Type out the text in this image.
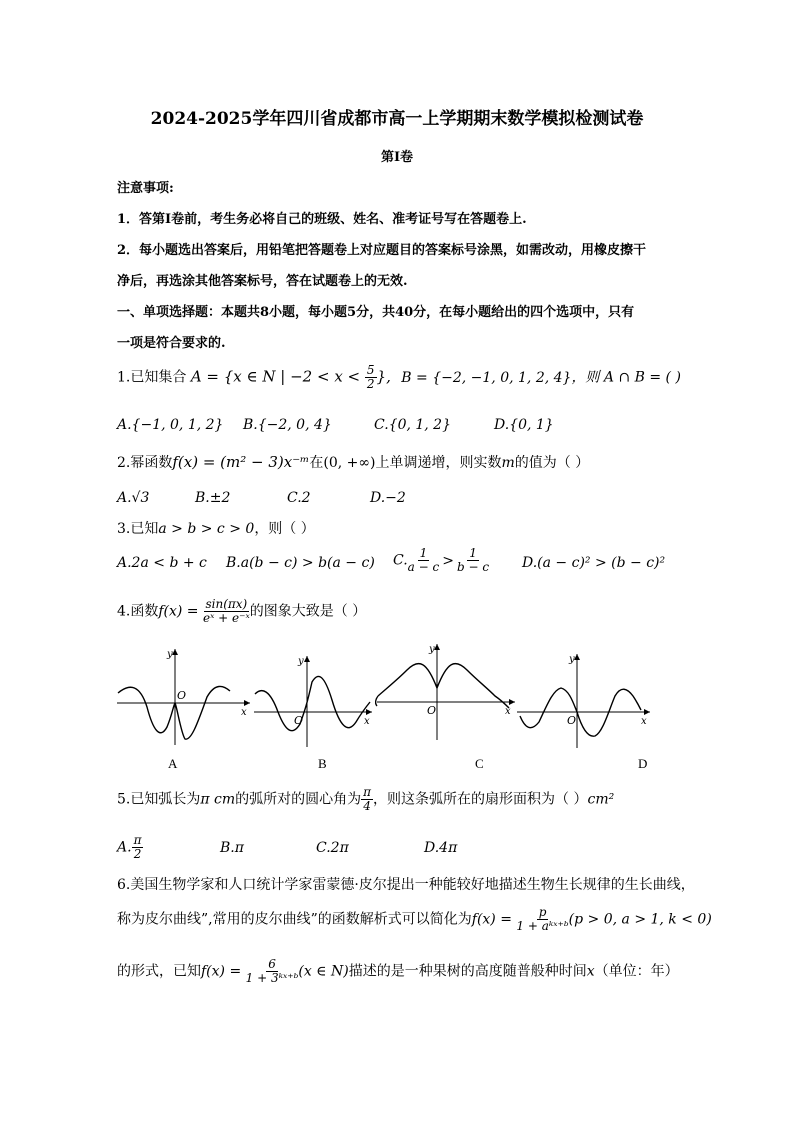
2024-2025学年四川省成都市高一上学期期末数学模拟检测试卷
第I卷
注意事项:
1．答第I卷前，考生务必将自己的班级、姓名、准考证号写在答题卷上.
2．每小题选出答案后，用铅笔把答题卷上对应题目的答案标号涂黑，如需改动，用橡皮擦干
净后，再选涂其他答案标号，答在试题卷上的无效.
一、单项选择题：本题共8小题，每小题5分，共40分，在每小题给出的四个选项中，只有
一项是符合要求的.
1.已知集合 A = {x ∈ N | $-2 < x < \frac{5}{2}$ }, B = {−2, −1, 0, 1, 2, 4}，则 A ∩ B = ( )
A.{−1, 0, 1, 2} B.{−2, 0, 4}	C.{0, 1, 2}	D.{0, 1}
2.幂函数f(x) = (m² − 3)x⁻ᵐ在(0, +∞)上单调递增，则实数m的值为（ ）
A.√3	B.±2	C.2	D.−2
3.已知a > b > c > 0，则（ ）
A.2a < b + c B.a(b − c) > b(a − c) C. $\frac{1}{a - c} > \frac{1}{b - c} D.(a - c)^2 > (b - c)^2$
4.函数$f(x) = \frac{\sin(\pi x)}{\text{eˣ + e⁻ˣ}}$ 的图象大致是（ ）
y
x
O
y
x
O
y
x
O
y
x
O
A	B	C	D
5.已知弧长为π cm的弧所对的圆心角为 $\frac{\pi}{4}$ ，则这条弧所在的扇形面积为（ ）cm²
A. $\frac{\pi}{2}$	B.π	C.2π	D.4π
6.美国生物学家和人口统计学家雷蒙德·皮尔提出一种能较好地描述生物生长规律的生长曲线，
称为皮尔曲线”,常用的皮尔曲线”的函数解析式可以简化为$f(x) = \frac{p}{\text{1 + aᵏˣ⁺ᵇ}} (p > 0$, a > 1, k < 0)
的形式，已知$f(x) = \frac{6}{\text{1 + 3ᵏˣ⁺ᵇ}} (x$ ∈ N)描述的是一种果树的高度随普般种时间x（单位：年）
